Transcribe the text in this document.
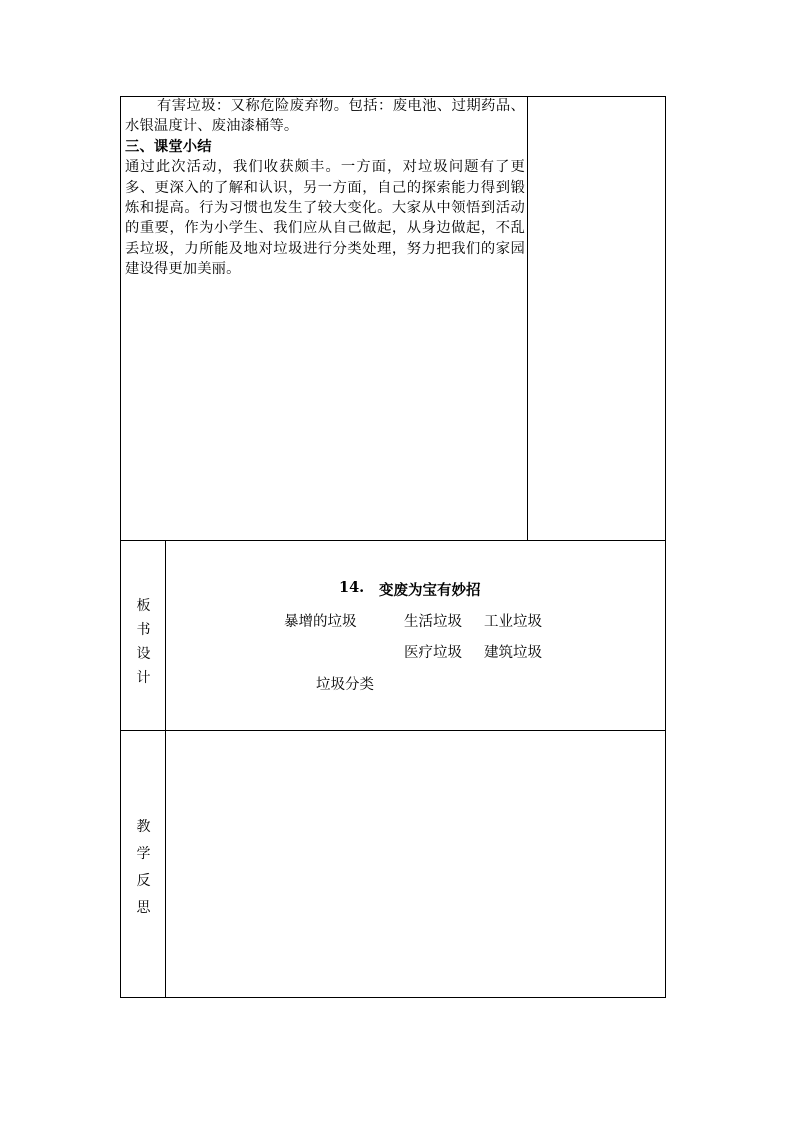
有害垃圾：又称危险废弃物。包括：废电池、过期药品、水银温度计、废油漆桶等。

三、课堂小结

通过此次活动，我们收获颇丰。一方面，对垃圾问题有了更多、更深入的了解和认识，另一方面，自己的探索能力得到锻炼和提高。行为习惯也发生了较大变化。大家从中领悟到活动的重要，作为小学生、我们应从自己做起，从身边做起，不乱丢垃圾，力所能及地对垃圾进行分类处理，努力把我们的家园建设得更加美丽。

板
书
设
计
14. 变废为宝有妙招
暴增的垃圾	生活垃圾 工业垃圾
医疗垃圾 建筑垃圾
垃圾分类
教
学
反
思
